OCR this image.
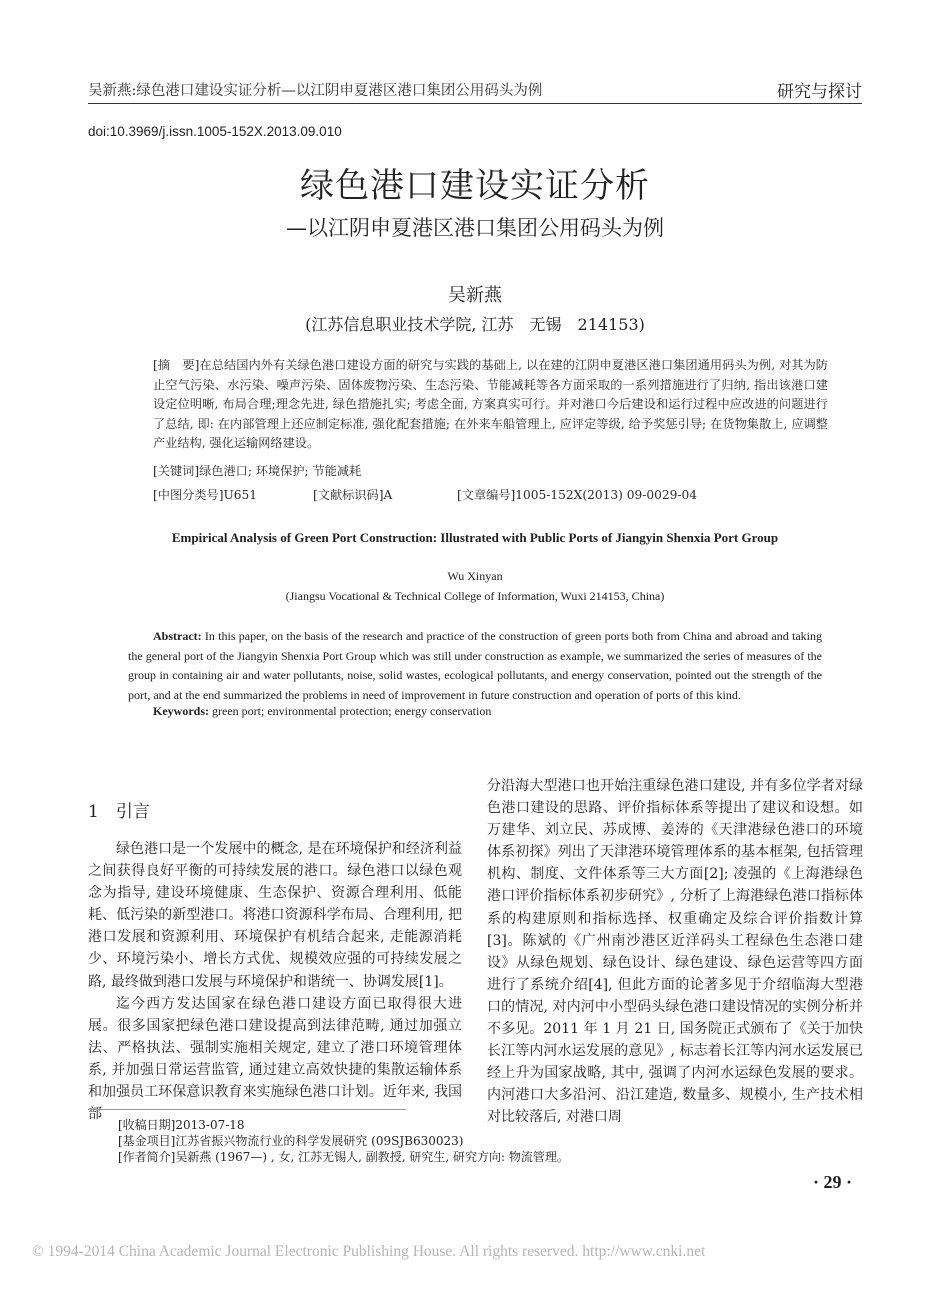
吴新燕:绿色港口建设实证分析—以江阴申夏港区港口集团公用码头为例	研究与探讨
doi:10.3969/j.issn.1005-152X.2013.09.010
绿色港口建设实证分析
—以江阴申夏港区港口集团公用码头为例
吴新燕
(江苏信息职业技术学院, 江苏　无锡　214153)
[摘　要]在总结国内外有关绿色港口建设方面的研究与实践的基础上, 以在建的江阴申夏港区港口集团通用码头为例, 对其为防止空气污染、水污染、噪声污染、固体废物污染、生态污染、节能减耗等各方面采取的一系列措施进行了归纳, 指出该港口建设定位明晰, 布局合理;理念先进, 绿色措施扎实; 考虑全面, 方案真实可行。并对港口今后建设和运行过程中应改进的问题进行了总结, 即: 在内部管理上还应制定标准, 强化配套措施; 在外来车船管理上, 应评定等级, 给予奖惩引导; 在货物集散上, 应调整产业结构, 强化运输网络建设。
[关键词]绿色港口; 环境保护; 节能减耗
[中图分类号]U651	[文献标识码]A	[文章编号]1005-152X(2013) 09-0029-04
Empirical Analysis of Green Port Construction: Illustrated with Public Ports of Jiangyin Shenxia Port Group
Wu Xinyan
(Jiangsu Vocational & Technical College of Information, Wuxi 214153, China)
Abstract: In this paper, on the basis of the research and practice of the construction of green ports both from China and abroad and taking the general port of the Jiangyin Shenxia Port Group which was still under construction as example, we summarized the series of measures of the group in containing air and water pollutants, noise, solid wastes, ecological pollutants, and energy conservation, pointed out the strength of the port, and at the end summarized the problems in need of improvement in future construction and operation of ports of this kind.
Keywords: green port; environmental protection; energy conservation
1　引言

绿色港口是一个发展中的概念, 是在环境保护和经济利益之间获得良好平衡的可持续发展的港口。绿色港口以绿色观念为指导, 建设环境健康、生态保护、资源合理利用、低能耗、低污染的新型港口。将港口资源科学布局、合理利用, 把港口发展和资源利用、环境保护有机结合起来, 走能源消耗少、环境污染小、增长方式优、规模效应强的可持续发展之路, 最终做到港口发展与环境保护和谐统一、协调发展[1]。

迄今西方发达国家在绿色港口建设方面已取得很大进展。很多国家把绿色港口建设提高到法律范畴, 通过加强立法、严格执法、强制实施相关规定, 建立了港口环境管理体系, 并加强日常运营监管, 通过建立高效快捷的集散运输体系和加强员工环保意识教育来实施绿色港口计划。近年来, 我国部

分沿海大型港口也开始注重绿色港口建设, 并有多位学者对绿色港口建设的思路、评价指标体系等提出了建议和设想。如万建华、刘立民、苏成博、姜涛的《天津港绿色港口的环境体系初探》列出了天津港环境管理体系的基本框架, 包括管理机构、制度、文件体系等三大方面[2]; 凌强的《上海港绿色港口评价指标体系初步研究》, 分析了上海港绿色港口指标体系的构建原则和指标选择、权重确定及综合评价指数计算[3]。陈斌的《广州南沙港区近洋码头工程绿色生态港口建设》从绿色规划、绿色设计、绿色建设、绿色运营等四方面进行了系统介绍[4], 但此方面的论著多见于介绍临海大型港口的情况, 对内河中小型码头绿色港口建设情况的实例分析并不多见。2011 年 1 月 21 日, 国务院正式颁布了《关于加快长江等内河水运发展的意见》, 标志着长江等内河水运发展已经上升为国家战略, 其中, 强调了内河水运绿色发展的要求。内河港口大多沿河、沿江建造, 数量多、规模小, 生产技术相对比较落后, 对港口周

[收稿日期]2013-07-18
[基金项目]江苏省振兴物流行业的科学发展研究 (09SJB630023)
[作者简介]吴新燕 (1967—) , 女, 江苏无锡人, 副教授, 研究生, 研究方向: 物流管理。
· 29 ·
© 1994-2014 China Academic Journal Electronic Publishing House. All rights reserved. http://www.cnki.net
